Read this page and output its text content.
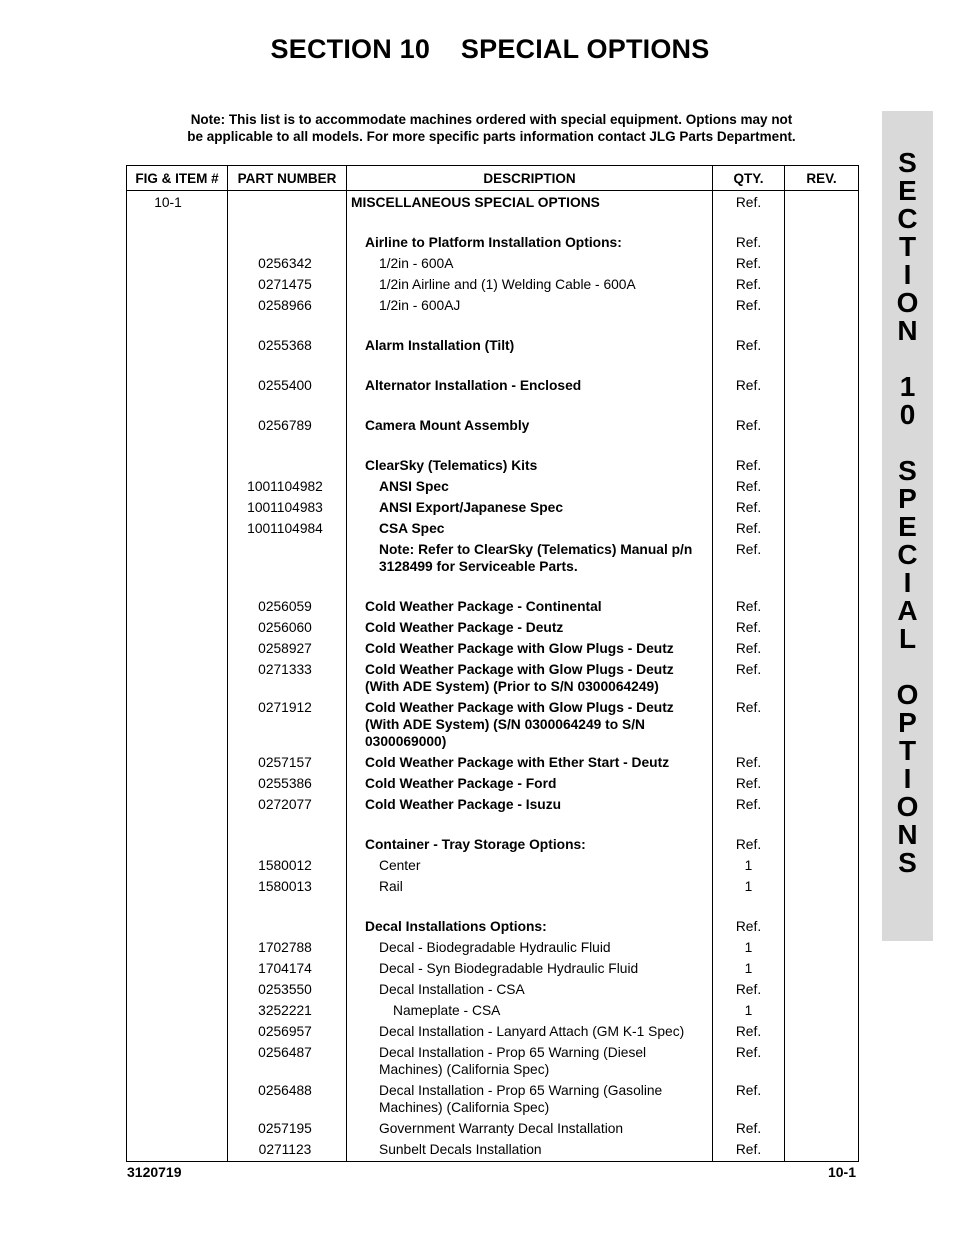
SECTION 10    SPECIAL OPTIONS
Note: This list is to accommodate machines ordered with special equipment. Options may not
be applicable to all models. For more specific parts information contact JLG Parts Department.
S
E
C
T
I
O
N
1
0
S
P
E
C
I
A
L
O
P
T
I
O
N
S
FIG & ITEM #	PART NUMBER	DESCRIPTION	QTY.	REV.
10-1		MISCELLANEOUS SPECIAL OPTIONS	Ref.	

		Airline to Platform Installation Options:	Ref.	
	0256342	1/2in - 600A	Ref.	
	0271475	1/2in Airline and (1) Welding Cable - 600A	Ref.	
	0258966	1/2in - 600AJ	Ref.	

	0255368	Alarm Installation (Tilt)	Ref.	

	0255400	Alternator Installation - Enclosed	Ref.	

	0256789	Camera Mount Assembly	Ref.	

		ClearSky (Telematics) Kits	Ref.	
	1001104982	ANSI Spec	Ref.	
	1001104983	ANSI Export/Japanese Spec	Ref.	
	1001104984	CSA Spec	Ref.	
		Note: Refer to ClearSky (Telematics) Manual p/n 3128499 for Serviceable Parts.	Ref.	

	0256059	Cold Weather Package - Continental	Ref.	
	0256060	Cold Weather Package - Deutz	Ref.	
	0258927	Cold Weather Package with Glow Plugs - Deutz	Ref.	
	0271333	Cold Weather Package with Glow Plugs - Deutz (With ADE System) (Prior to S/N 0300064249)	Ref.	
	0271912	Cold Weather Package with Glow Plugs - Deutz (With ADE System) (S/N 0300064249 to S/N 0300069000)	Ref.	
	0257157	Cold Weather Package with Ether Start - Deutz	Ref.	
	0255386	Cold Weather Package - Ford	Ref.	
	0272077	Cold Weather Package - Isuzu	Ref.	

		Container - Tray Storage Options:	Ref.	
	1580012	Center	1	
	1580013	Rail	1	

		Decal Installations Options:	Ref.	
	1702788	Decal - Biodegradable Hydraulic Fluid	1	
	1704174	Decal - Syn Biodegradable Hydraulic Fluid	1	
	0253550	Decal Installation - CSA	Ref.	
	3252221	Nameplate - CSA	1	
	0256957	Decal Installation - Lanyard Attach (GM K-1 Spec)	Ref.	
	0256487	Decal Installation - Prop 65 Warning (Diesel Machines) (California Spec)	Ref.	
	0256488	Decal Installation - Prop 65 Warning (Gasoline Machines) (California Spec)	Ref.	
	0257195	Government Warranty Decal Installation	Ref.	
	0271123	Sunbelt Decals Installation	Ref.	
3120719	10-1
